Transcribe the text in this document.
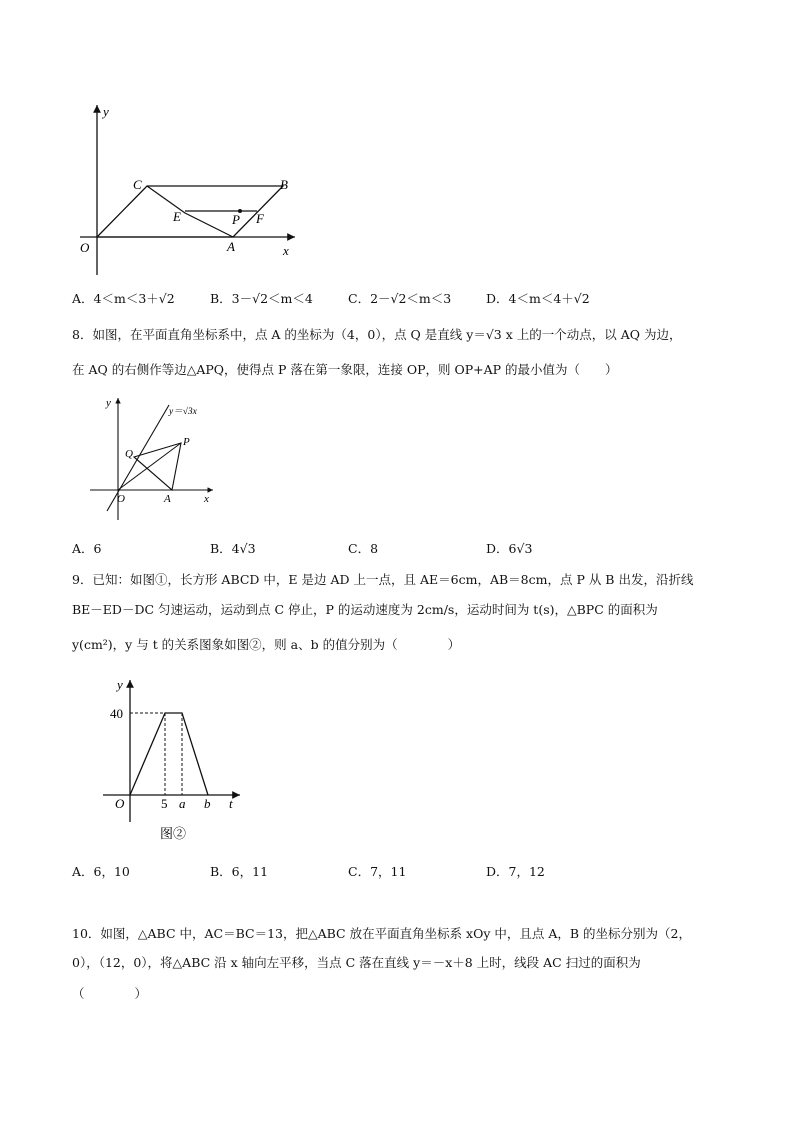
y
x
O
C	B
E	P F
A
A．4＜m＜3＋√2	B．3－√2＜m＜4	C．2－√2＜m＜3	D．4＜m＜4＋√2
8．如图，在平面直角坐标系中，点 A 的坐标为（4，0），点 Q 是直线 y＝√3 x 上的一个动点，以 AQ 为边，
在 AQ 的右侧作等边△APQ，使得点 P 落在第一象限，连接 OP，则 OP+AP 的最小值为（　　）
y＝√3x
y
x
O
Q
P
A
A．6	B．4√3	C．8	D．6√3
9．已知：如图①，长方形 ABCD 中，E 是边 AD 上一点，且 AE＝6cm，AB＝8cm，点 P 从 B 出发，沿折线
BE－ED－DC 匀速运动，运动到点 C 停止，P 的运动速度为 2cm/s，运动时间为 t(s)，△BPC 的面积为
y(cm²)，y 与 t 的关系图象如图②，则 a、b 的值分别为（　　　　）
y
40
O	5 a b t
图②
A．6，10	B．6，11	C．7，11	D．7，12
10．如图，△ABC 中，AC＝BC＝13，把△ABC 放在平面直角坐标系 xOy 中，且点 A，B 的坐标分别为（2，
0），（12，0），将△ABC 沿 x 轴向左平移，当点 C 落在直线 y＝－x＋8 上时，线段 AC 扫过的面积为
（　　　　）
